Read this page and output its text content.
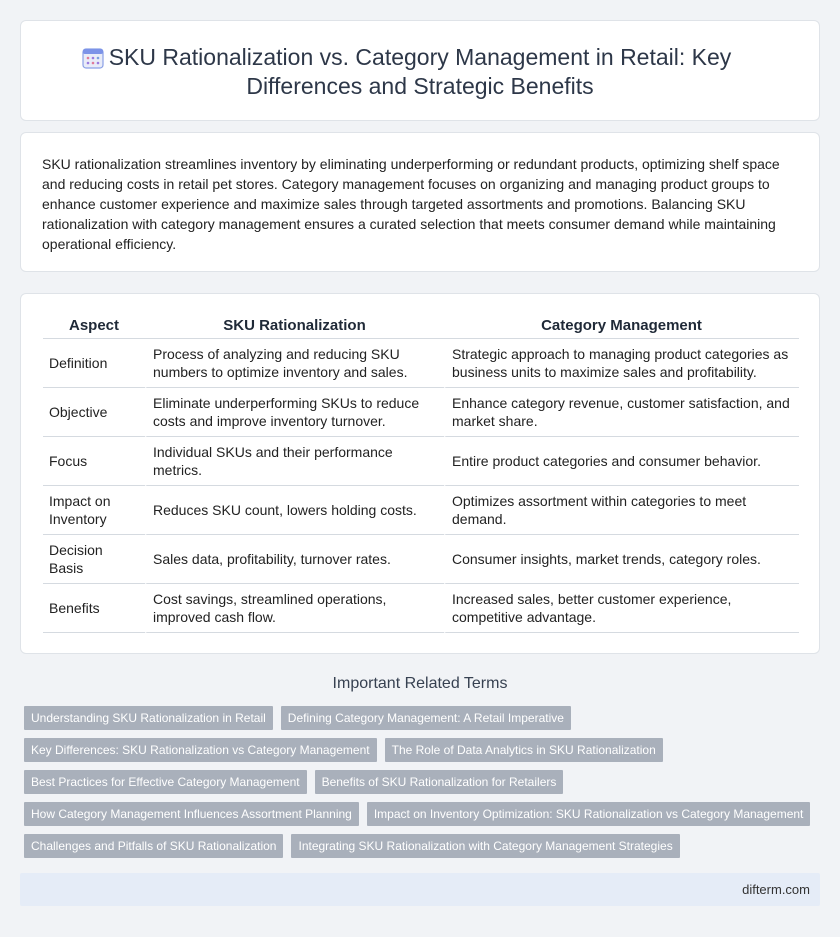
SKU Rationalization vs. Category Management in Retail: Key Differences and Strategic Benefits

SKU rationalization streamlines inventory by eliminating underperforming or redundant products, optimizing shelf space and reducing costs in retail pet stores. Category management focuses on organizing and managing product groups to enhance customer experience and maximize sales through targeted assortments and promotions. Balancing SKU rationalization with category management ensures a curated selection that meets consumer demand while maintaining operational efficiency.

Aspect	SKU Rationalization	Category Management
Definition	Process of analyzing and reducing SKU numbers to optimize inventory and sales.	Strategic approach to managing product categories as business units to maximize sales and profitability.
Objective	Eliminate underperforming SKUs to reduce costs and improve inventory turnover.	Enhance category revenue, customer satisfaction, and market share.
Focus	Individual SKUs and their performance metrics.	Entire product categories and consumer behavior.
Impact on Inventory	Reduces SKU count, lowers holding costs.	Optimizes assortment within categories to meet demand.
Decision Basis	Sales data, profitability, turnover rates.	Consumer insights, market trends, category roles.
Benefits	Cost savings, streamlined operations, improved cash flow.	Increased sales, better customer experience, competitive advantage.
Important Related Terms
Understanding SKU Rationalization in Retail	Defining Category Management: A Retail Imperative
Key Differences: SKU Rationalization vs Category Management	The Role of Data Analytics in SKU Rationalization
Best Practices for Effective Category Management	Benefits of SKU Rationalization for Retailers
How Category Management Influences Assortment Planning	Impact on Inventory Optimization: SKU Rationalization vs Category Management
Challenges and Pitfalls of SKU Rationalization	Integrating SKU Rationalization with Category Management Strategies
difterm.com
